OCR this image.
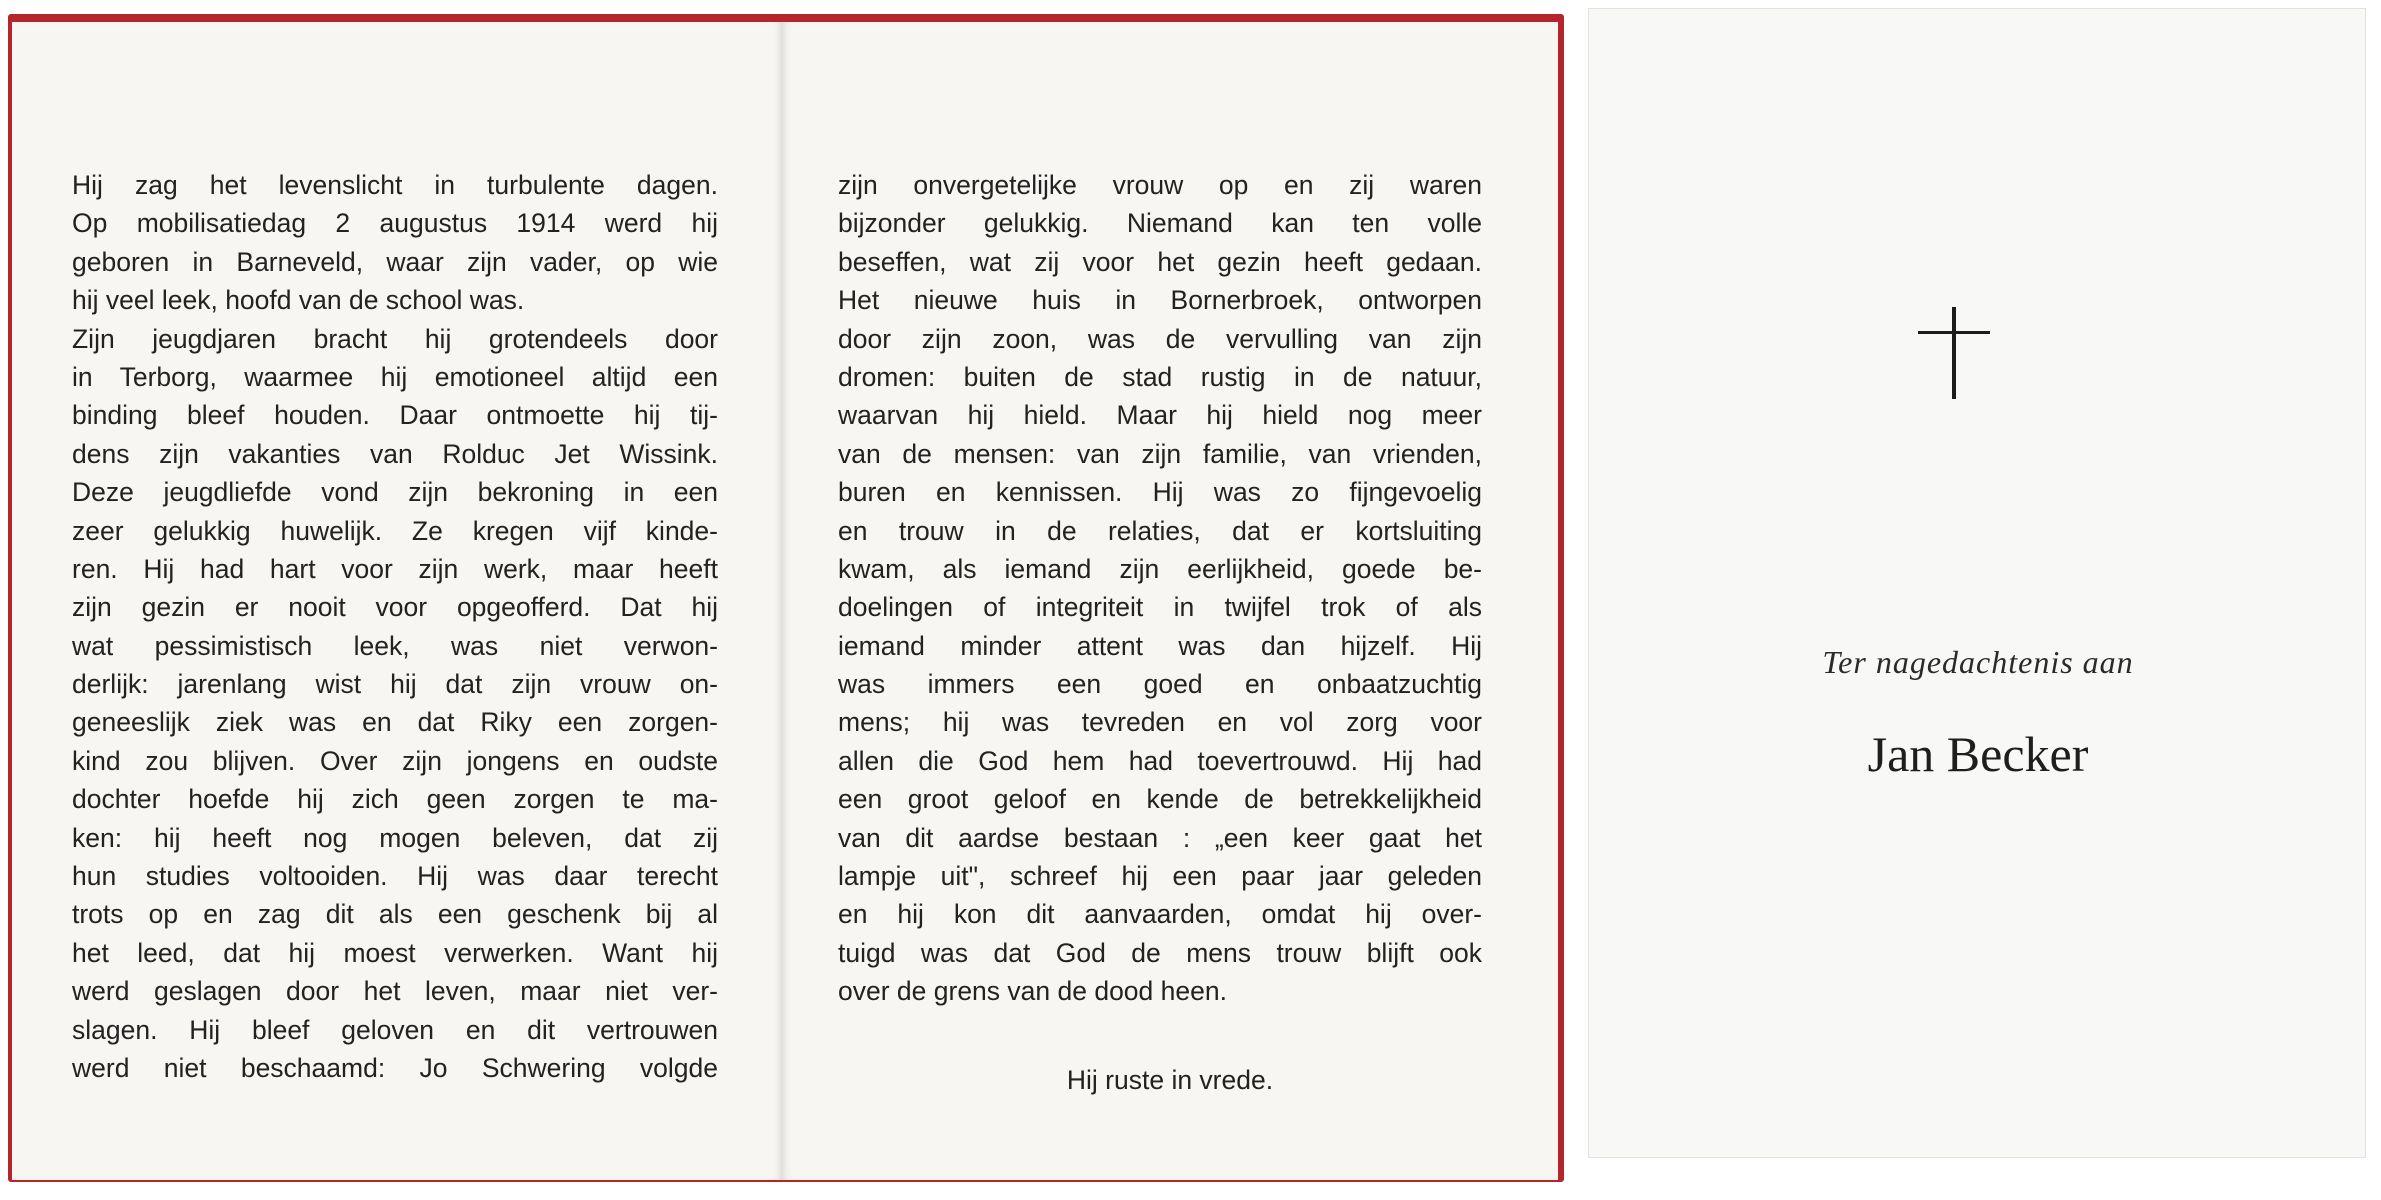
Hij zag het levenslicht in turbulente dagen.
Op mobilisatiedag 2 augustus 1914 werd hij
geboren in Barneveld, waar zijn vader, op wie
hij veel leek, hoofd van de school was.
Zijn jeugdjaren bracht hij grotendeels door
in Terborg, waarmee hij emotioneel altijd een
binding bleef houden. Daar ontmoette hij tij-
dens zijn vakanties van Rolduc Jet Wissink.
Deze jeugdliefde vond zijn bekroning in een
zeer gelukkig huwelijk. Ze kregen vijf kinde-
ren. Hij had hart voor zijn werk, maar heeft
zijn gezin er nooit voor opgeofferd. Dat hij
wat pessimistisch leek, was niet verwon-
derlijk: jarenlang wist hij dat zijn vrouw on-
geneeslijk ziek was en dat Riky een zorgen-
kind zou blijven. Over zijn jongens en oudste
dochter hoefde hij zich geen zorgen te ma-
ken: hij heeft nog mogen beleven, dat zij
hun studies voltooiden. Hij was daar terecht
trots op en zag dit als een geschenk bij al
het leed, dat hij moest verwerken. Want hij
werd geslagen door het leven, maar niet ver-
slagen. Hij bleef geloven en dit vertrouwen
werd niet beschaamd: Jo Schwering volgde
zijn onvergetelijke vrouw op en zij waren
bijzonder gelukkig. Niemand kan ten volle
beseffen, wat zij voor het gezin heeft gedaan.
Het nieuwe huis in Bornerbroek, ontworpen
door zijn zoon, was de vervulling van zijn
dromen: buiten de stad rustig in de natuur,
waarvan hij hield. Maar hij hield nog meer
van de mensen: van zijn familie, van vrienden,
buren en kennissen. Hij was zo fijngevoelig
en trouw in de relaties, dat er kortsluiting
kwam, als iemand zijn eerlijkheid, goede be-
doelingen of integriteit in twijfel trok of als
iemand minder attent was dan hijzelf. Hij
was immers een goed en onbaatzuchtig
mens; hij was tevreden en vol zorg voor
allen die God hem had toevertrouwd. Hij had
een groot geloof en kende de betrekkelijkheid
van dit aardse bestaan : „een keer gaat het
lampje uit", schreef hij een paar jaar geleden
en hij kon dit aanvaarden, omdat hij over-
tuigd was dat God de mens trouw blijft ook
over de grens van de dood heen.
Hij ruste in vrede.
Ter nagedachtenis aan
Jan Becker
